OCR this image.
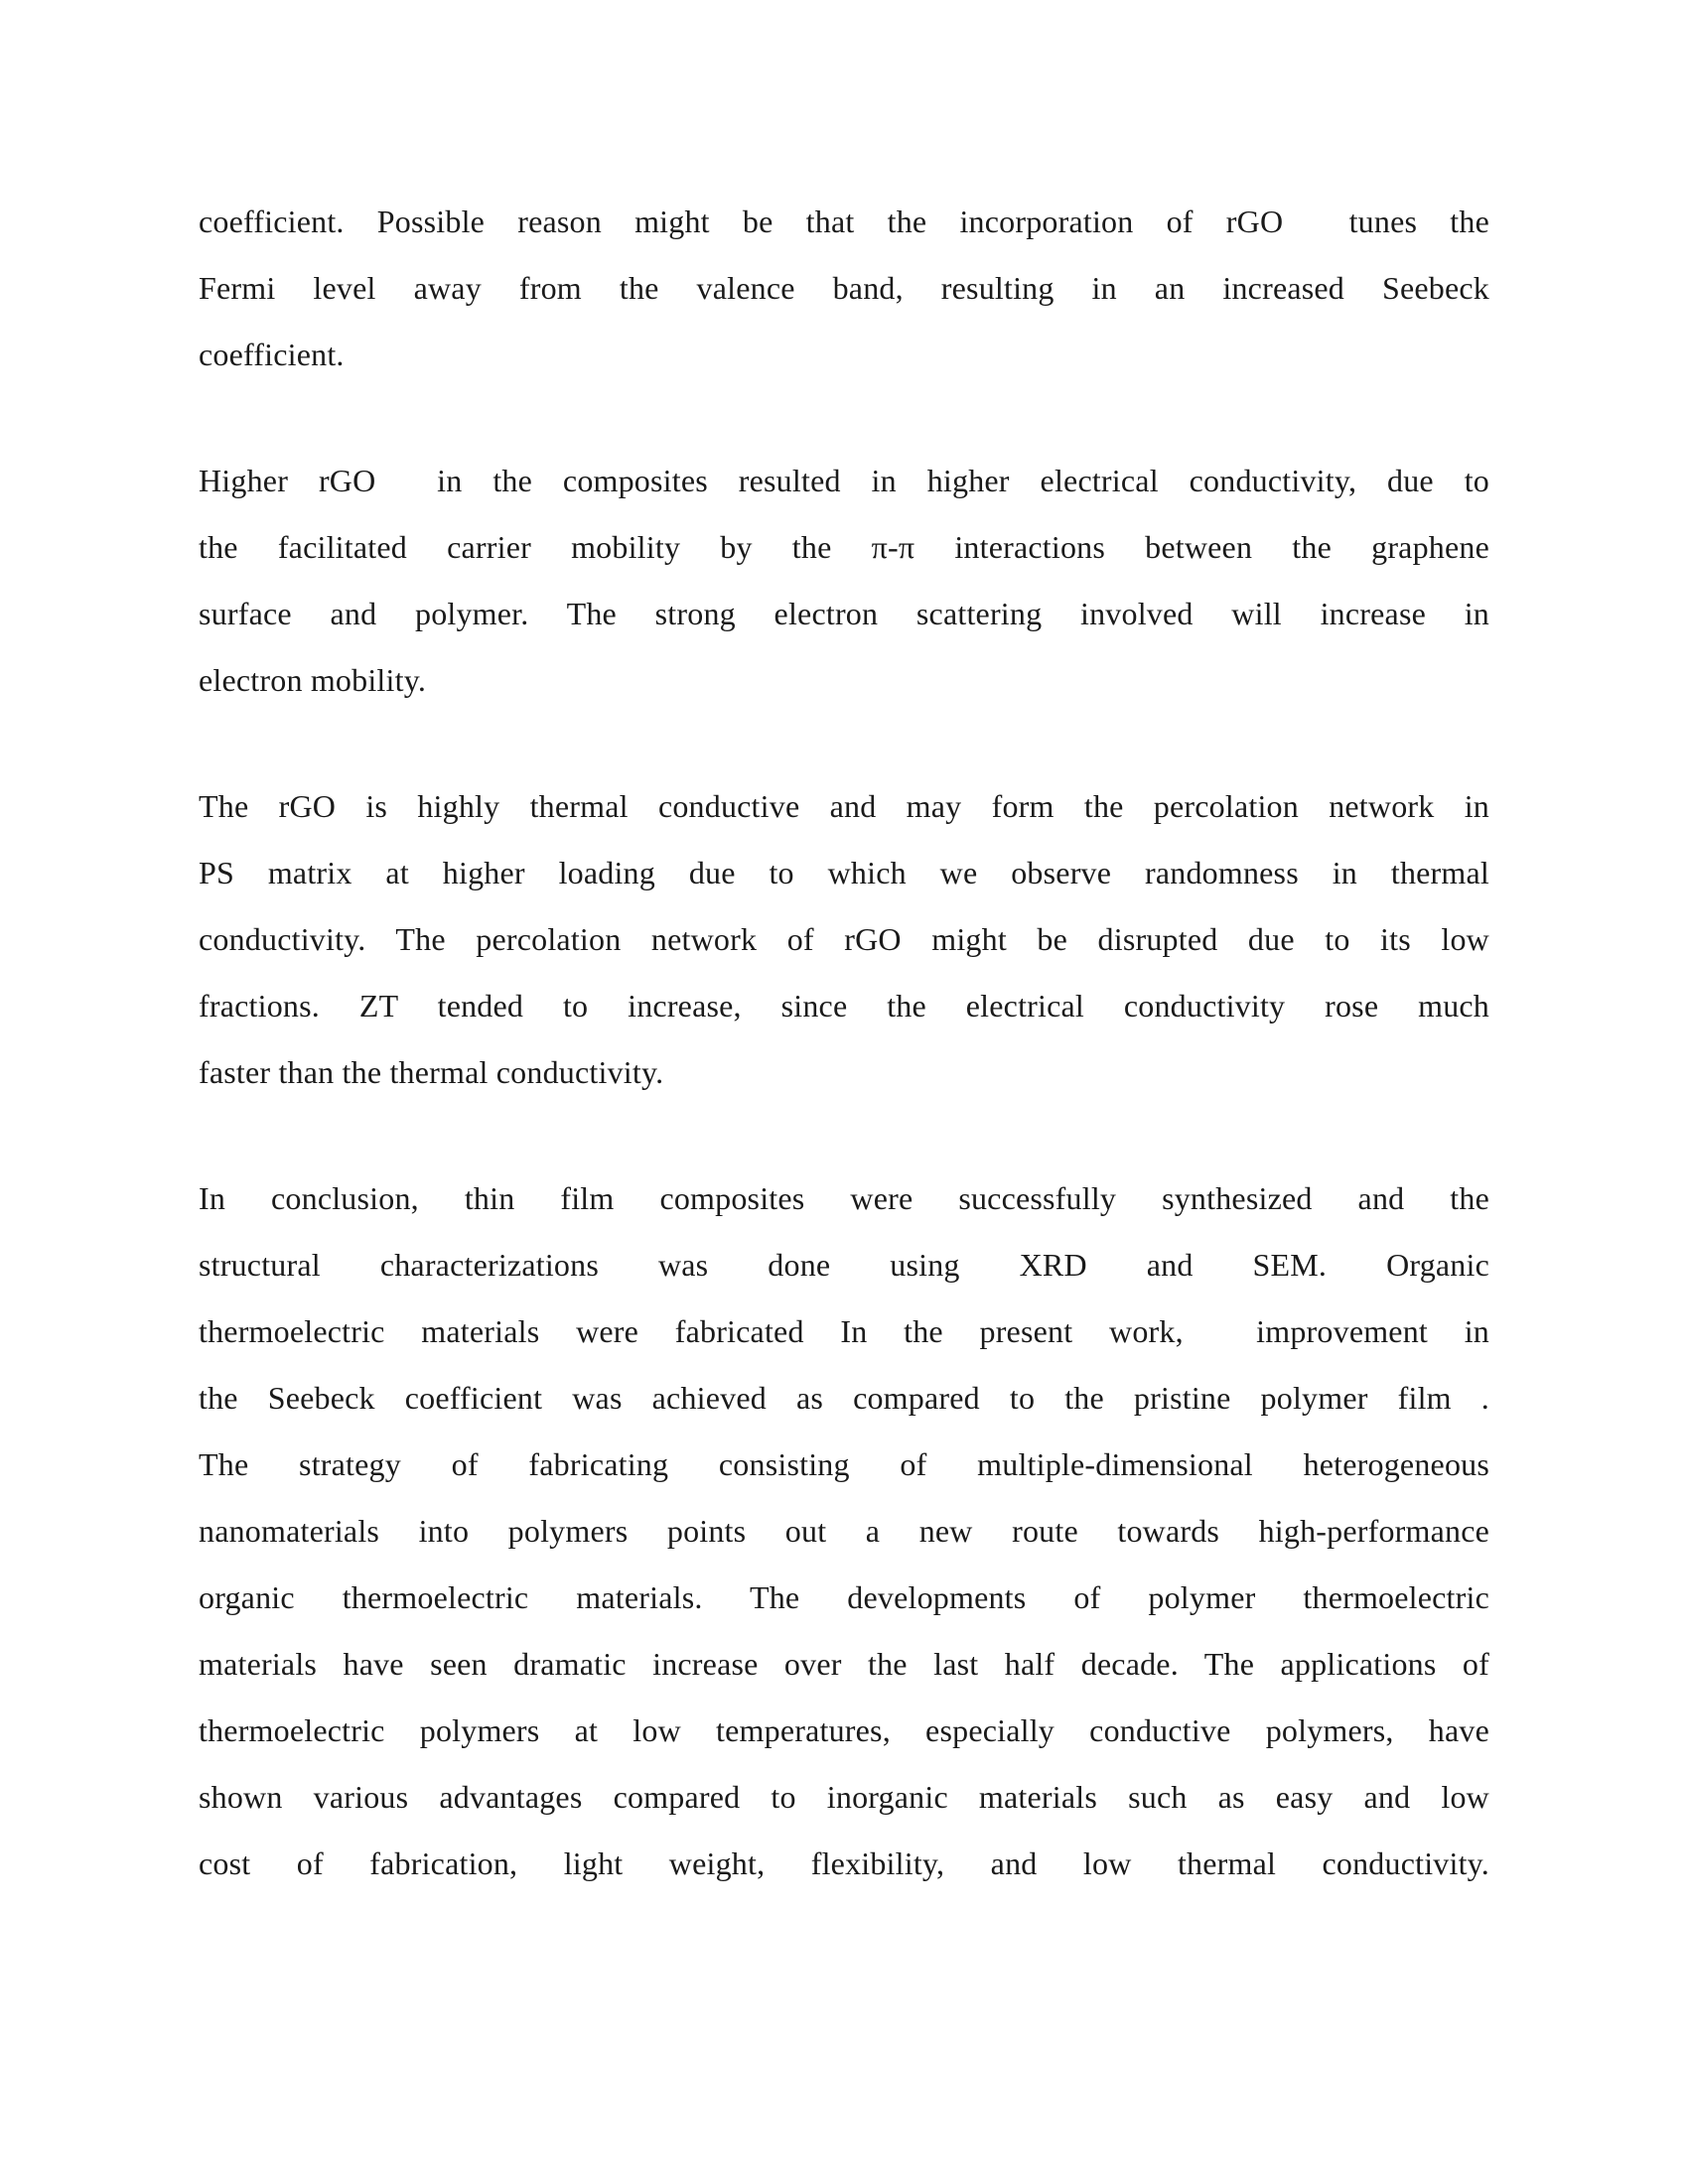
coefficient. Possible reason might be that the incorporation of rGO  tunes the
Fermi level away from the valence band, resulting in an increased Seebeck
coefficient.
Higher rGO  in the composites resulted in higher electrical conductivity, due to
the facilitated carrier mobility by the π-π interactions between the graphene
surface and polymer. The strong electron scattering involved will increase in
electron mobility.
The rGO is highly thermal conductive and may form the percolation network in
PS matrix at higher loading due to which we observe randomness in thermal
conductivity. The percolation network of rGO might be disrupted due to its low
fractions. ZT tended to increase, since the electrical conductivity rose much
faster than the thermal conductivity.
In conclusion, thin film composites were successfully synthesized and the
structural characterizations was done using XRD and SEM. Organic
thermoelectric materials were fabricated In the present work,  improvement in
the Seebeck coefficient was achieved as compared to the pristine polymer film .
The strategy of fabricating consisting of multiple-dimensional heterogeneous
nanomaterials into polymers points out a new route towards high-performance
organic thermoelectric materials. The developments of polymer thermoelectric
materials have seen dramatic increase over the last half decade. The applications of
thermoelectric polymers at low temperatures, especially conductive polymers, have
shown various advantages compared to inorganic materials such as easy and low
cost of fabrication, light weight, flexibility, and low thermal conductivity.
